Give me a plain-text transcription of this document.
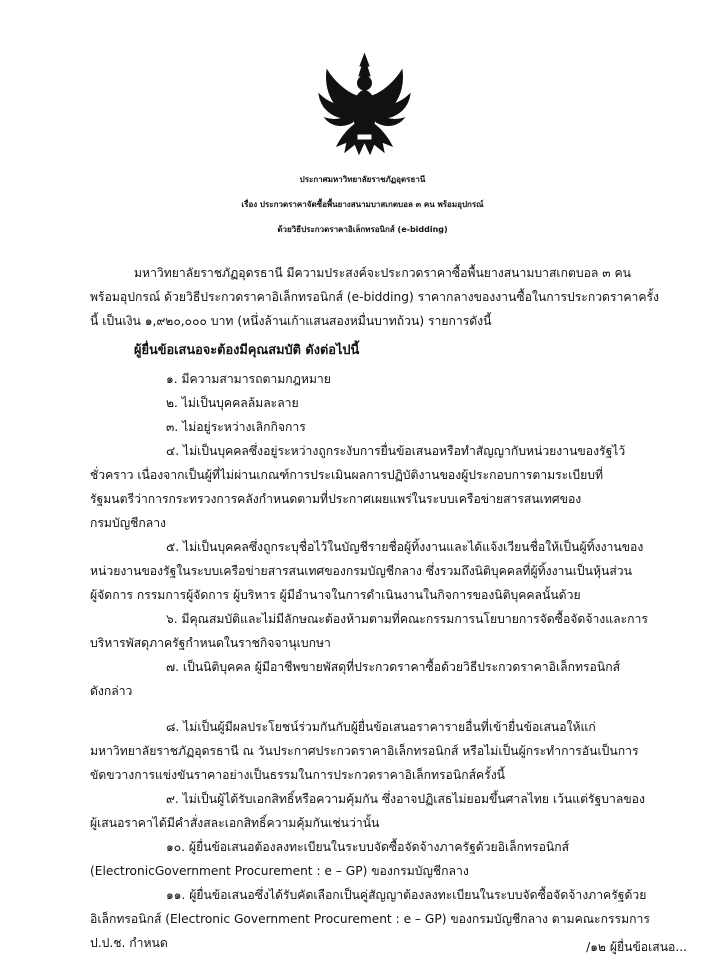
ประกาศมหาวิทยาลัยราชภัฏอุดรธานี
เรื่อง ประกวดราคาจัดซื้อพื้นยางสนามบาสเกตบอล ๓ คน พร้อมอุปกรณ์
ด้วยวิธีประกวดราคาอิเล็กทรอนิกส์ (e-bidding)
มหาวิทยาลัยราชภัฏอุดรธานี มีความประสงค์จะประกวดราคาซื้อพื้นยางสนามบาสเกตบอล ๓ คน
พร้อมอุปกรณ์ ด้วยวิธีประกวดราคาอิเล็กทรอนิกส์ (e-bidding) ราคากลางของงานซื้อในการประกวดราคาครั้ง
นี้ เป็นเงิน ๑,๙๒๐,๐๐๐ บาท (หนึ่งล้านเก้าแสนสองหมื่นบาทถ้วน) รายการดังนี้
ผู้ยื่นข้อเสนอจะต้องมีคุณสมบัติ ดังต่อไปนี้
๑. มีความสามารถตามกฎหมาย
๒. ไม่เป็นบุคคลล้มละลาย
๓. ไม่อยู่ระหว่างเลิกกิจการ
๔. ไม่เป็นบุคคลซึ่งอยู่ระหว่างถูกระงับการยื่นข้อเสนอหรือทำสัญญากับหน่วยงานของรัฐไว้
ชั่วคราว เนื่องจากเป็นผู้ที่ไม่ผ่านเกณฑ์การประเมินผลการปฏิบัติงานของผู้ประกอบการตามระเบียบที่
รัฐมนตรีว่าการกระทรวงการคลังกำหนดตามที่ประกาศเผยแพร่ในระบบเครือข่ายสารสนเทศของ
กรมบัญชีกลาง
๕. ไม่เป็นบุคคลซึ่งถูกระบุชื่อไว้ในบัญชีรายชื่อผู้ทิ้งงานและได้แจ้งเวียนชื่อให้เป็นผู้ทิ้งงานของ
หน่วยงานของรัฐในระบบเครือข่ายสารสนเทศของกรมบัญชีกลาง ซึ่งรวมถึงนิติบุคคลที่ผู้ทิ้งงานเป็นหุ้นส่วน
ผู้จัดการ กรรมการผู้จัดการ ผู้บริหาร ผู้มีอำนาจในการดำเนินงานในกิจการของนิติบุคคลนั้นด้วย
๖. มีคุณสมบัติและไม่มีลักษณะต้องห้ามตามที่คณะกรรมการนโยบายการจัดซื้อจัดจ้างและการ
บริหารพัสดุภาครัฐกำหนดในราชกิจจานุเบกษา
๗. เป็นนิติบุคคล ผู้มีอาชีพขายพัสดุที่ประกวดราคาซื้อด้วยวิธีประกวดราคาอิเล็กทรอนิกส์
ดังกล่าว
๘. ไม่เป็นผู้มีผลประโยชน์ร่วมกันกับผู้ยื่นข้อเสนอราคารายอื่นที่เข้ายื่นข้อเสนอให้แก่
มหาวิทยาลัยราชภัฏอุดรธานี ณ วันประกาศประกวดราคาอิเล็กทรอนิกส์ หรือไม่เป็นผู้กระทำการอันเป็นการ
ขัดขวางการแข่งขันราคาอย่างเป็นธรรมในการประกวดราคาอิเล็กทรอนิกส์ครั้งนี้
๙. ไม่เป็นผู้ได้รับเอกสิทธิ์หรือความคุ้มกัน ซึ่งอาจปฏิเสธไม่ยอมขึ้นศาลไทย เว้นแต่รัฐบาลของ
ผู้เสนอราคาได้มีคำสั่งสละเอกสิทธิ์ความคุ้มกันเช่นว่านั้น
๑๐. ผู้ยื่นข้อเสนอต้องลงทะเบียนในระบบจัดซื้อจัดจ้างภาครัฐด้วยอิเล็กทรอนิกส์
(ElectronicGovernment Procurement : e – GP) ของกรมบัญชีกลาง
๑๑. ผู้ยื่นข้อเสนอซึ่งได้รับคัดเลือกเป็นคู่สัญญาต้องลงทะเบียนในระบบจัดซื้อจัดจ้างภาครัฐด้วย
อิเล็กทรอนิกส์ (Electronic Government Procurement : e – GP) ของกรมบัญชีกลาง ตามคณะกรรมการ
ป.ป.ช. กำหนด	/๑๒ ผู้ยื่นข้อเสนอ...
